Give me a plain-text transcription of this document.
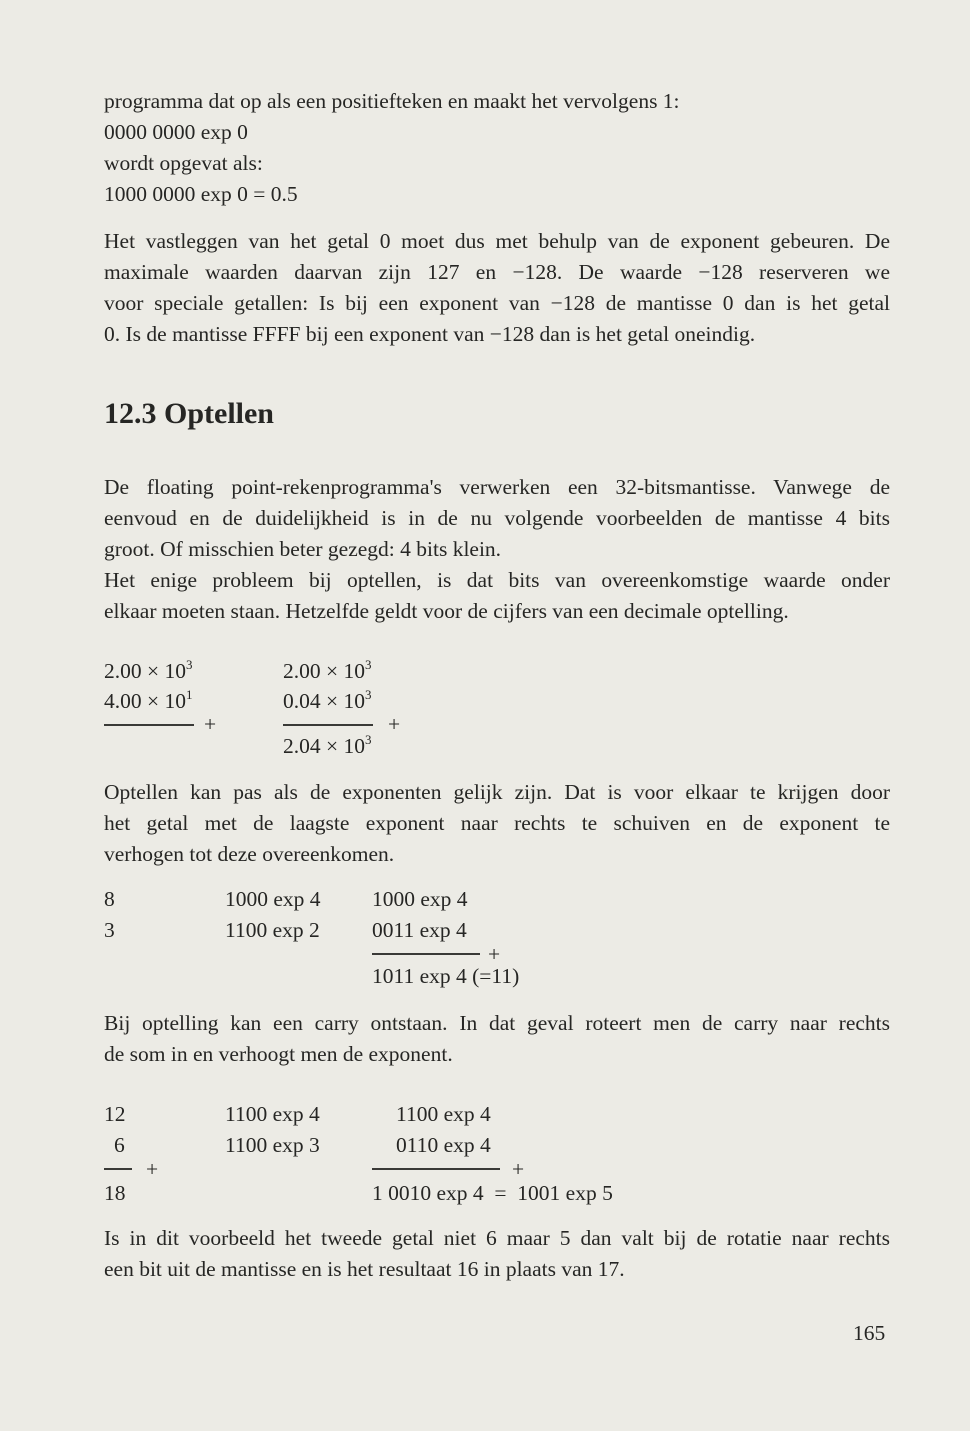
programma dat op als een positiefteken en maakt het vervolgens 1:
0000 0000 exp 0
wordt opgevat als:
1000 0000 exp 0 = 0.5
Het vastleggen van het getal 0 moet dus met behulp van de exponent gebeuren. De
maximale waarden daarvan zijn 127 en −128. De waarde −128 reserveren we
voor speciale getallen: Is bij een exponent van −128 de mantisse 0 dan is het getal
0. Is de mantisse FFFF bij een exponent van −128 dan is het getal oneindig.
12.3 Optellen
De floating point-rekenprogramma's verwerken een 32-bitsmantisse. Vanwege de
eenvoud en de duidelijkheid is in de nu volgende voorbeelden de mantisse 4 bits
groot. Of misschien beter gezegd: 4 bits klein.
Het enige probleem bij optellen, is dat bits van overeenkomstige waarde onder
elkaar moeten staan. Hetzelfde geldt voor de cijfers van een decimale optelling.
$2.00 \times 10^3$
$4.00 \times 10^1$
+
$2.00 \times 10^3$
$0.04 \times 10^3$
+
$2.04 \times 10^3$
Optellen kan pas als de exponenten gelijk zijn. Dat is voor elkaar te krijgen door
het getal met de laagste exponent naar rechts te schuiven en de exponent te
verhogen tot deze overeenkomen.
8
3
1000 exp 4
1100 exp 2
1000 exp 4
0011 exp 4
+
1011 exp 4 (=11)
Bij optelling kan een carry ontstaan. In dat geval roteert men de carry naar rechts
de som in en verhoogt men de exponent.
12
6
+
18
1100 exp 4
1100 exp 3
1100 exp 4
0110 exp 4
+
1 0010 exp 4  =  1001 exp 5
Is in dit voorbeeld het tweede getal niet 6 maar 5 dan valt bij de rotatie naar rechts
een bit uit de mantisse en is het resultaat 16 in plaats van 17.
165
